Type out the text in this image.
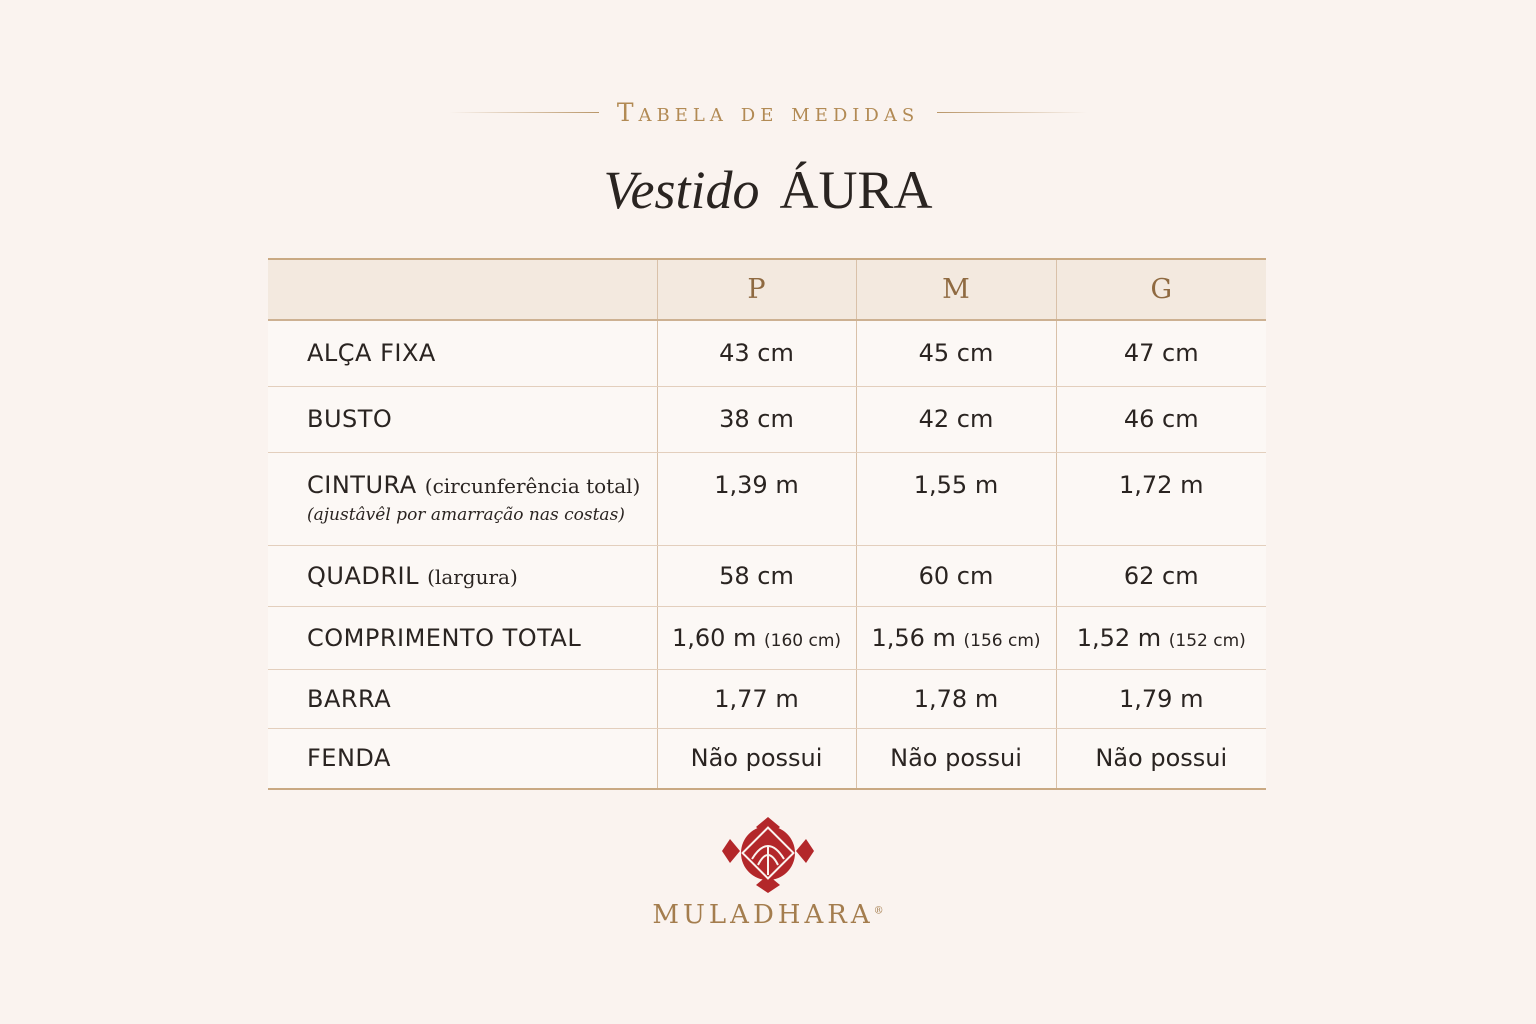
Tabela de medidas
Vestido ÁURA
	P	M	G
ALÇA FIXA	43 cm	45 cm	47 cm
BUSTO	38 cm	42 cm	46 cm
CINTURA (circunferência total)
(ajustâvêl por amarração nas costas)	1,39 m	1,55 m	1,72 m
QUADRIL (largura)	58 cm	60 cm	62 cm
COMPRIMENTO TOTAL	1,60 m (160 cm)	1,56 m (156 cm)	1,52 m (152 cm)
BARRA	1,77 m	1,78 m	1,79 m
FENDA	Não possui	Não possui	Não possui
MULADHARA®
